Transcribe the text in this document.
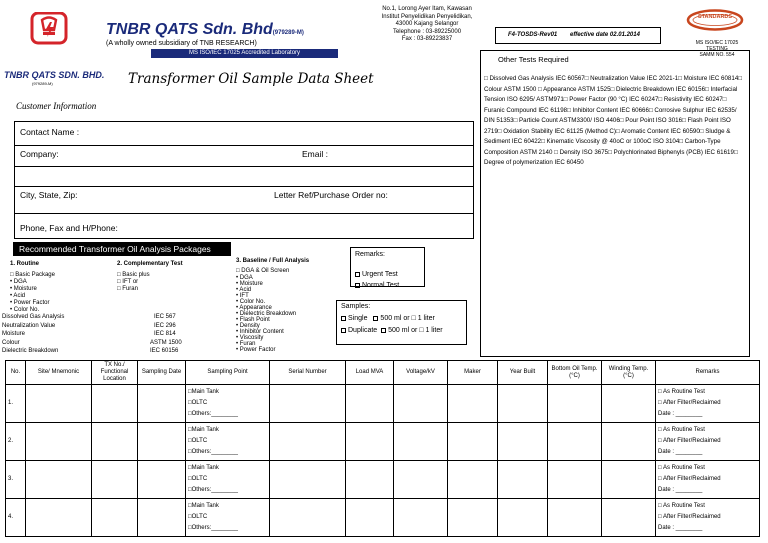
TNBR QATS SDN. BHD.
(979289-M)
TNBR QATS Sdn. Bhd(979289-M)
(A wholly owned subsidiary of TNB RESEARCH)
MS ISO/IEC 17025 Accredited Laboratory
Transformer Oil Sample Data Sheet
Customer Information
No.1, Lorong Ayer Itam, Kawasan
Institut Penyelidikan Penyelidikan,
43000 Kajang Selangor
Telephone : 03-89225000
Fax : 03-89223837
F4-TOSDS-Rev01 effective date 02.01.2014
STANDARDS
MS ISO/IEC 17025
TESTING
SAMM NO. 554
Contact Name :
Company:	Email :
City, State, Zip:	Letter Ref/Purchase Order no:
Phone, Fax and H/Phone:
Other Tests Required
□ Dissolved Gas Analysis IEC 60567□ Neutralization Value IEC 2021-1□ Moisture IEC 60814□ Colour ASTM 1500 □ Appearance ASTM 1525□ Dielectric Breakdown IEC 60156□ Interfacial Tension ISO 6295/ ASTM971□ Power Factor (90 °C) IEC 60247□ Resistivity IEC 60247□ Furanic Compound IEC 61198□ Inhibitor Content IEC 60666□ Corrosive Sulphur IEC 62535/ DIN 51353□ Particle Count ASTM3300/ ISO 4406□ Pour Point ISO 3016□ Flash Point ISO 2719□ Oxidation Stability IEC 61125 (Method C)□ Aromatic Content IEC 60590□ Sludge & Sediment IEC 60422□ Kinematic Viscosity @ 40oC or 100oC ISO 3104□ Carbon-Type Composition ASTM 2140 □ Density ISO 3675□ Polychlorinated Biphenyls (PCB) IEC 61619□ Degree of polymerization IEC 60450
Recommended Transformer Oil Analysis Packages
1. Routine
□ Basic Package
• DGA
• Moisture
• Acid
• Power Factor
• Color No.
2. Complementary Test
□ Basic plus
□ IFT or
□ Furan
3. Baseline / Full Analysis
□ DGA & Oil Screen
• DGA
• Moisture
• Acid
• IFT
• Color No.
• Appearance
• Dielectric Breakdown
• Flash Point
• Density
• Inhibitor Content
• Viscosity
• Furan
• Power Factor
Dissolved Gas Analysis	IEC 567
Neutralization Value	IEC 296
Moisture	IEC 814
Colour	ASTM 1500
Dielectric Breakdown	IEC 60156
Remarks:
Urgent Test
Normal Test
Samples:
Single 500 ml or □ 1 liter
Duplicate 500 ml or □ 1 liter
No.	Site/ Mnemonic	TX No./ Functional Location	Sampling Date	Sampling Point	Serial Number	Load MVA	Voltage/kV	Maker	Year Built	Bottom Oil Temp.(°C)	Winding Temp. (°C)	Remarks
1.				□Main Tank
□OLTC
□Others:________								□ As Routine Test
□ After Filter/Reclaimed
Date : ________

2.				□Main Tank
□OLTC
□Others:________								□ As Routine Test
□ After Filter/Reclaimed
Date : ________

3.				□Main Tank
□OLTC
□Others:________								□ As Routine Test
□ After Filter/Reclaimed
Date : ________

4.				□Main Tank
□OLTC
□Others:________								□ As Routine Test
□ After Filter/Reclaimed
Date : ________
